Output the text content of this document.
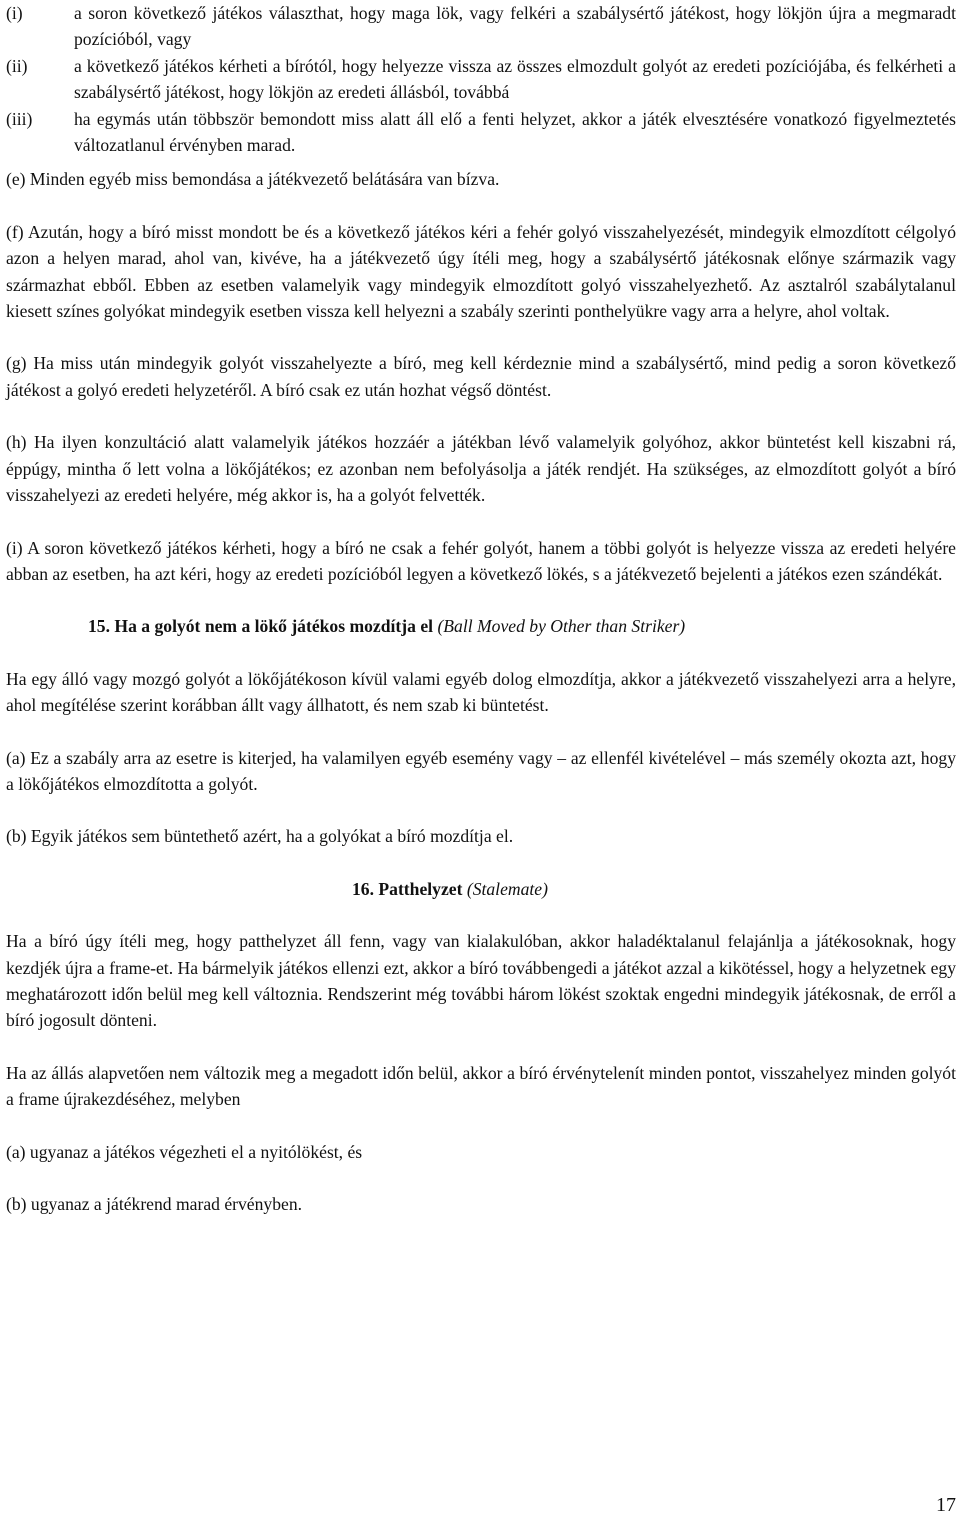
(i)	a soron következő játékos választhat, hogy maga lök, vagy felkéri a szabálysértő játékost, hogy lökjön újra a megmaradt pozícióból, vagy
(ii)	a következő játékos kérheti a bírótól, hogy helyezze vissza az összes elmozdult golyót az eredeti pozíciójába, és felkérheti a szabálysértő játékost, hogy lökjön az eredeti állásból, továbbá
(iii)	ha egymás után többször bemondott miss alatt áll elő a fenti helyzet, akkor a játék elvesztésére vonatkozó figyelmeztetés változatlanul érvényben marad.

(e) Minden egyéb miss bemondása a játékvezető belátására van bízva.

(f) Azután, hogy a bíró misst mondott be és a következő játékos kéri a fehér golyó visszahelyezését, mindegyik elmozdított célgolyó azon a helyen marad, ahol van, kivéve, ha a játékvezető úgy ítéli meg, hogy a szabálysértő játékosnak előnye származik vagy származhat ebből. Ebben az esetben valamelyik vagy mindegyik elmozdított golyó visszahelyezhető. Az asztalról szabálytalanul kiesett színes golyókat mindegyik esetben vissza kell helyezni a szabály szerinti ponthelyükre vagy arra a helyre, ahol voltak.

(g) Ha miss után mindegyik golyót visszahelyezte a bíró, meg kell kérdeznie mind a szabálysértő, mind pedig a soron következő játékost a golyó eredeti helyzetéről. A bíró csak ez után hozhat végső döntést.

(h) Ha ilyen konzultáció alatt valamelyik játékos hozzáér a játékban lévő valamelyik golyóhoz, akkor büntetést kell kiszabni rá, éppúgy, mintha ő lett volna a lökőjátékos; ez azonban nem befolyásolja a játék rendjét. Ha szükséges, az elmozdított golyót a bíró visszahelyezi az eredeti helyére, még akkor is, ha a golyót felvették.

(i) A soron következő játékos kérheti, hogy a bíró ne csak a fehér golyót, hanem a többi golyót is helyezze vissza az eredeti helyére abban az esetben, ha azt kéri, hogy az eredeti pozícióból legyen a következő lökés, s a játékvezető bejelenti a játékos ezen szándékát.

15. Ha a golyót nem a lökő játékos mozdítja el (Ball Moved by Other than Striker)

Ha egy álló vagy mozgó golyót a lökőjátékoson kívül valami egyéb dolog elmozdítja, akkor a játékvezető visszahelyezi arra a helyre, ahol megítélése szerint korábban állt vagy állhatott, és nem szab ki büntetést.

(a) Ez a szabály arra az esetre is kiterjed, ha valamilyen egyéb esemény vagy – az ellenfél kivételével – más személy okozta azt, hogy a lökőjátékos elmozdította a golyót.

(b) Egyik játékos sem büntethető azért, ha a golyókat a bíró mozdítja el.

16. Patthelyzet (Stalemate)

Ha a bíró úgy ítéli meg, hogy patthelyzet áll fenn, vagy van kialakulóban, akkor haladéktalanul felajánlja a játékosoknak, hogy kezdjék újra a frame-et. Ha bármelyik játékos ellenzi ezt, akkor a bíró továbbengedi a játékot azzal a kikötéssel, hogy a helyzetnek egy meghatározott időn belül meg kell változnia. Rendszerint még további három lökést szoktak engedni mindegyik játékosnak, de erről a bíró jogosult dönteni.

Ha az állás alapvetően nem változik meg a megadott időn belül, akkor a bíró érvénytelenít minden pontot, visszahelyez minden golyót a frame újrakezdéséhez, melyben

(a) ugyanaz a játékos végezheti el a nyitólökést, és

(b) ugyanaz a játékrend marad érvényben.

17
